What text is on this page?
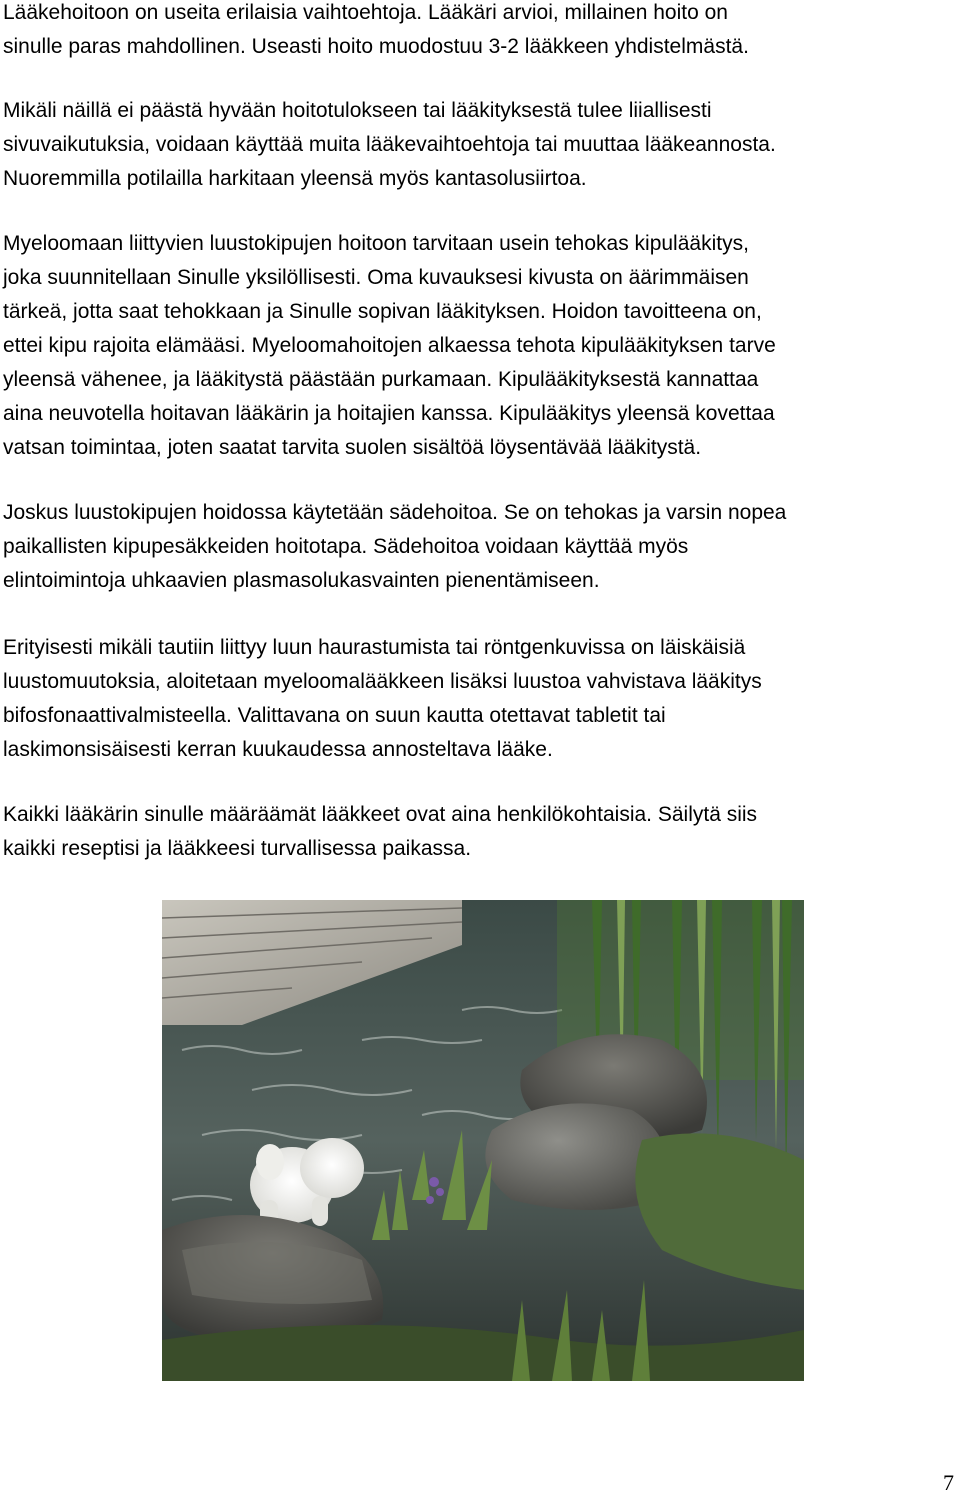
Lääkehoitoon on useita erilaisia vaihtoehtoja. Lääkäri arvioi, millainen hoito on
sinulle paras mahdollinen. Useasti hoito muodostuu 3-2 lääkkeen yhdistelmästä.
Mikäli näillä ei päästä hyvään hoitotulokseen tai lääkityksestä tulee liiallisesti
sivuvaikutuksia, voidaan käyttää muita lääkevaihtoehtoja tai muuttaa lääkeannosta.
Nuoremmilla potilailla harkitaan yleensä myös kantasolusiirtoa.
Myeloomaan liittyvien luustokipujen hoitoon tarvitaan usein tehokas kipulääkitys,
joka suunnitellaan Sinulle yksilöllisesti. Oma kuvauksesi kivusta on äärimmäisen
tärkeä, jotta saat tehokkaan ja Sinulle sopivan lääkityksen. Hoidon tavoitteena on,
ettei kipu rajoita elämääsi. Myeloomahoitojen alkaessa tehota kipulääkityksen tarve
yleensä vähenee, ja lääkitystä päästään purkamaan. Kipulääkityksestä kannattaa
aina neuvotella hoitavan lääkärin ja hoitajien kanssa. Kipulääkitys yleensä kovettaa
vatsan toimintaa, joten saatat tarvita suolen sisältöä löysentävää lääkitystä.
Joskus luustokipujen hoidossa käytetään sädehoitoa. Se on tehokas ja varsin nopea
paikallisten kipupesäkkeiden hoitotapa. Sädehoitoa voidaan käyttää myös
elintoimintoja uhkaavien plasmasolukasvainten pienentämiseen.
Erityisesti mikäli tautiin liittyy luun haurastumista tai röntgenkuvissa on läiskäisiä
luustomuutoksia, aloitetaan myeloomalääkkeen lisäksi luustoa vahvistava lääkitys
bifosfonaattivalmisteella. Valittavana on suun kautta otettavat tabletit tai
laskimonsisäisesti kerran kuukaudessa annosteltava lääke.
Kaikki lääkärin sinulle määräämät lääkkeet ovat aina henkilökohtaisia. Säilytä siis
kaikki reseptisi ja lääkkeesi turvallisessa paikassa.
7
